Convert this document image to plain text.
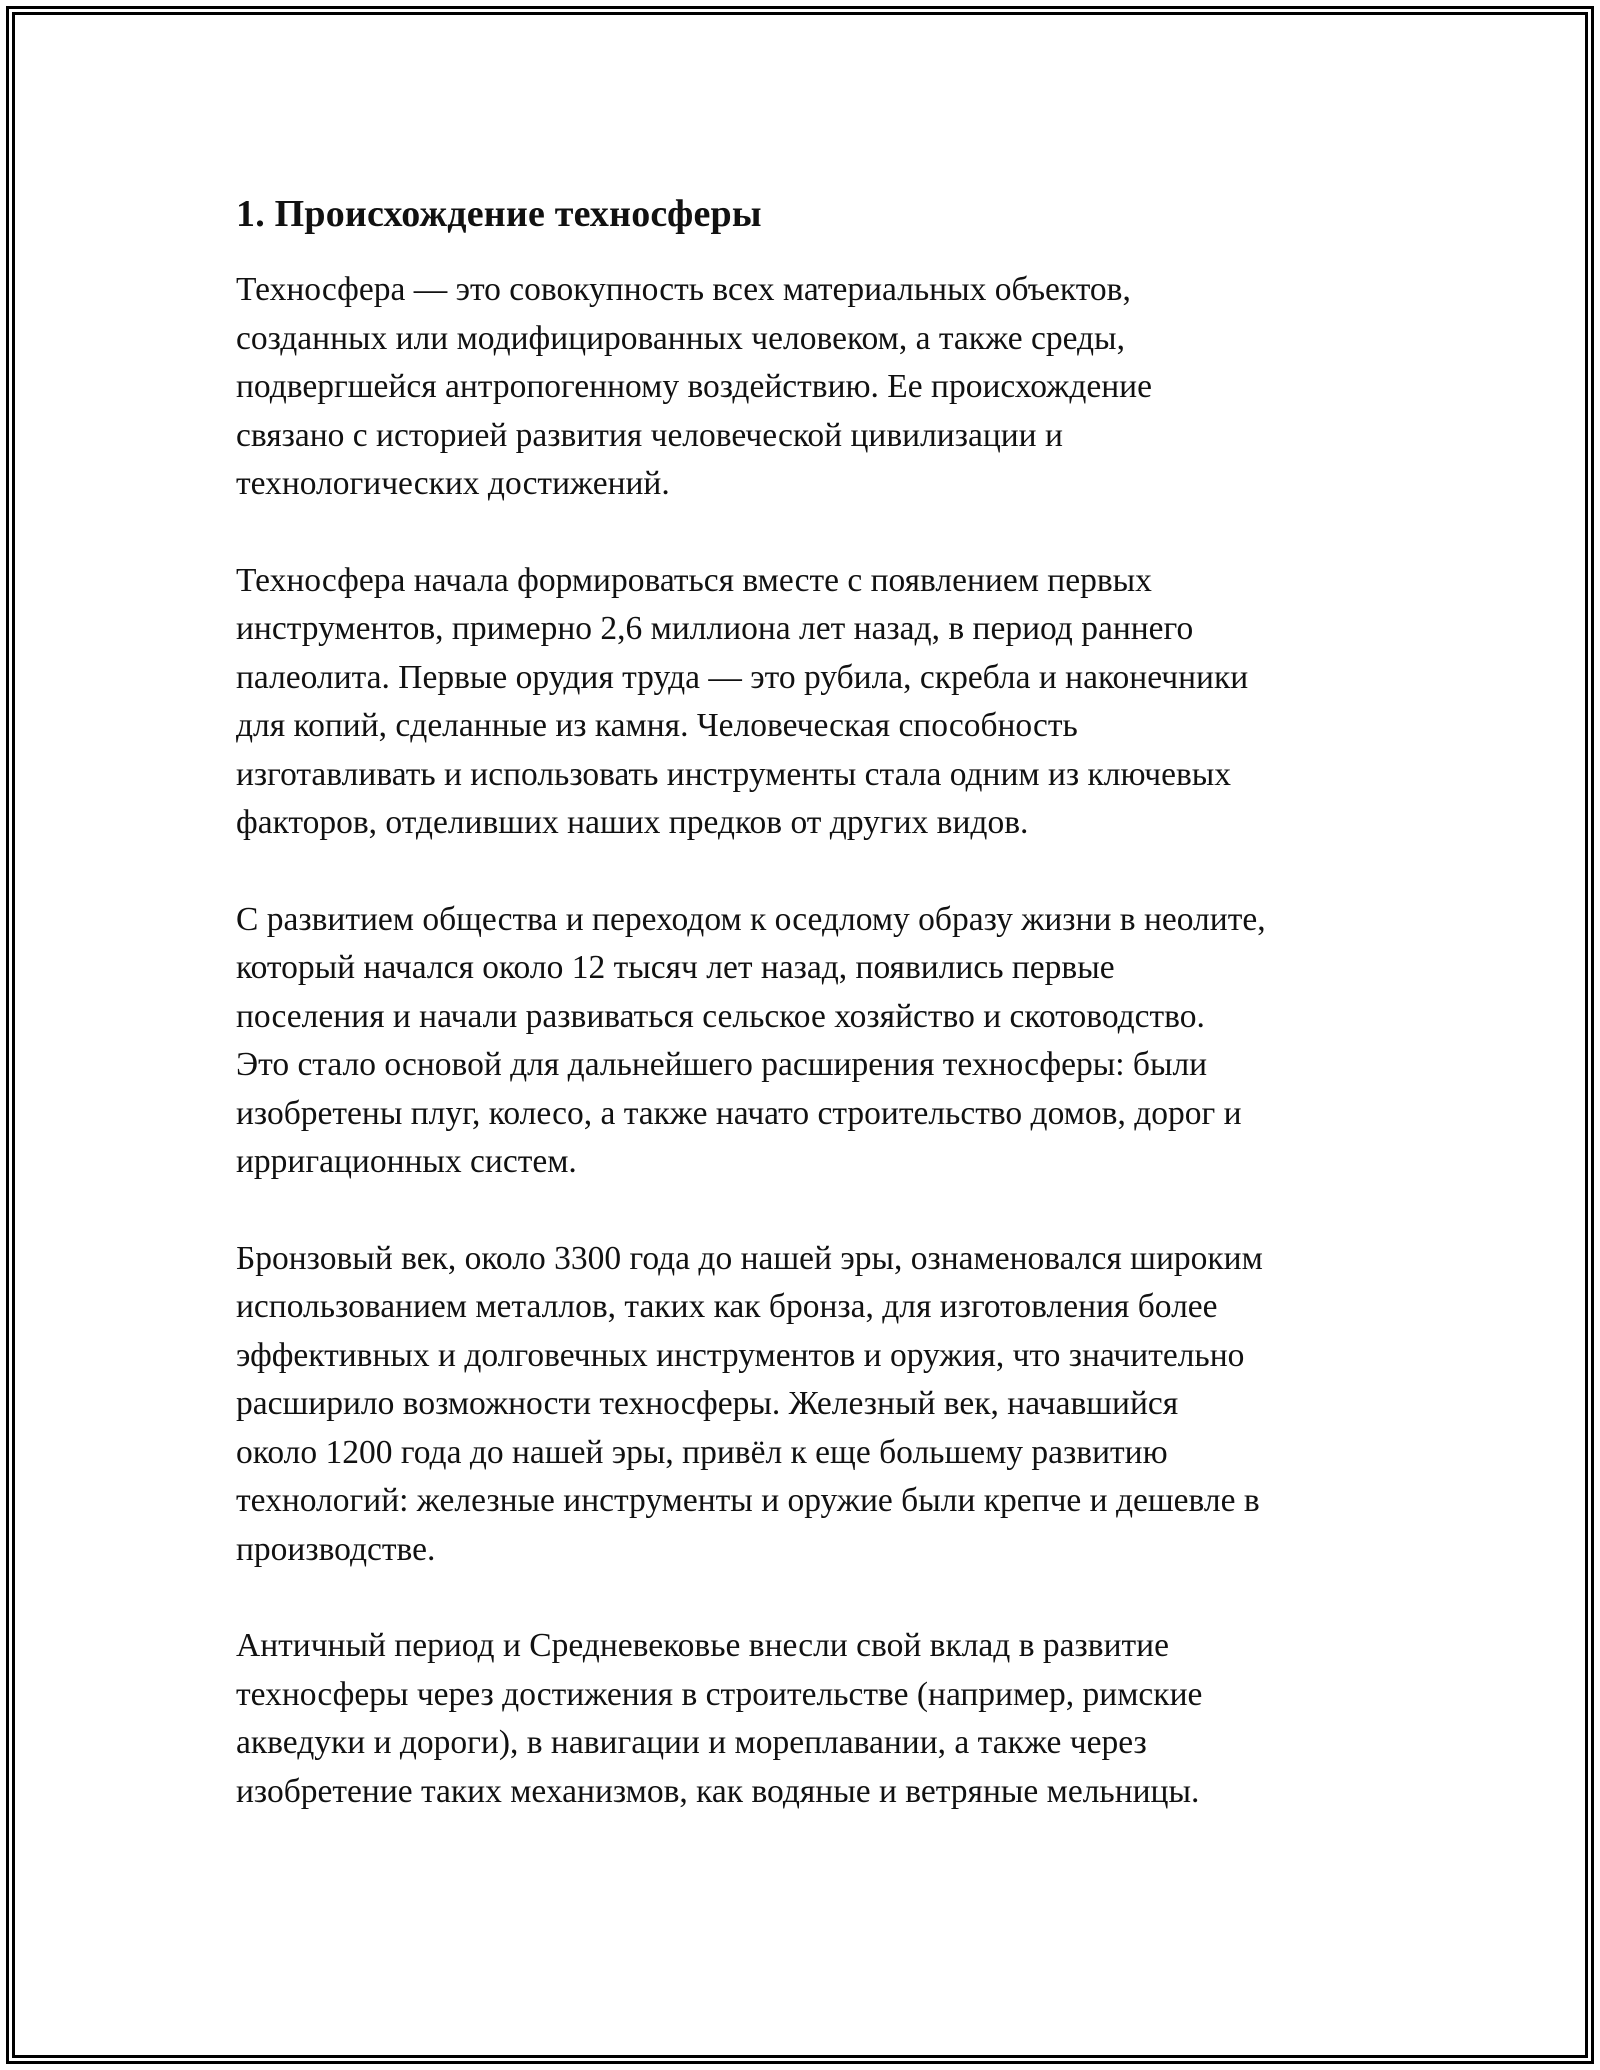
1. Происхождение техносферы

Техносфера — это совокупность всех материальных объектов,
созданных или модифицированных человеком, а также среды,
подвергшейся антропогенному воздействию. Ее происхождение
связано с историей развития человеческой цивилизации и
технологических достижений.

Техносфера начала формироваться вместе с появлением первых
инструментов, примерно 2,6 миллиона лет назад, в период раннего
палеолита. Первые орудия труда — это рубила, скребла и наконечники
для копий, сделанные из камня. Человеческая способность
изготавливать и использовать инструменты стала одним из ключевых
факторов, отделивших наших предков от других видов.

С развитием общества и переходом к оседлому образу жизни в неолите,
который начался около 12 тысяч лет назад, появились первые
поселения и начали развиваться сельское хозяйство и скотоводство.
Это стало основой для дальнейшего расширения техносферы: были
изобретены плуг, колесо, а также начато строительство домов, дорог и
ирригационных систем.

Бронзовый век, около 3300 года до нашей эры, ознаменовался широким
использованием металлов, таких как бронза, для изготовления более
эффективных и долговечных инструментов и оружия, что значительно
расширило возможности техносферы. Железный век, начавшийся
около 1200 года до нашей эры, привёл к еще большему развитию
технологий: железные инструменты и оружие были крепче и дешевле в
производстве.

Античный период и Средневековье внесли свой вклад в развитие
техносферы через достижения в строительстве (например, римские
акведуки и дороги), в навигации и мореплавании, а также через
изобретение таких механизмов, как водяные и ветряные мельницы.
